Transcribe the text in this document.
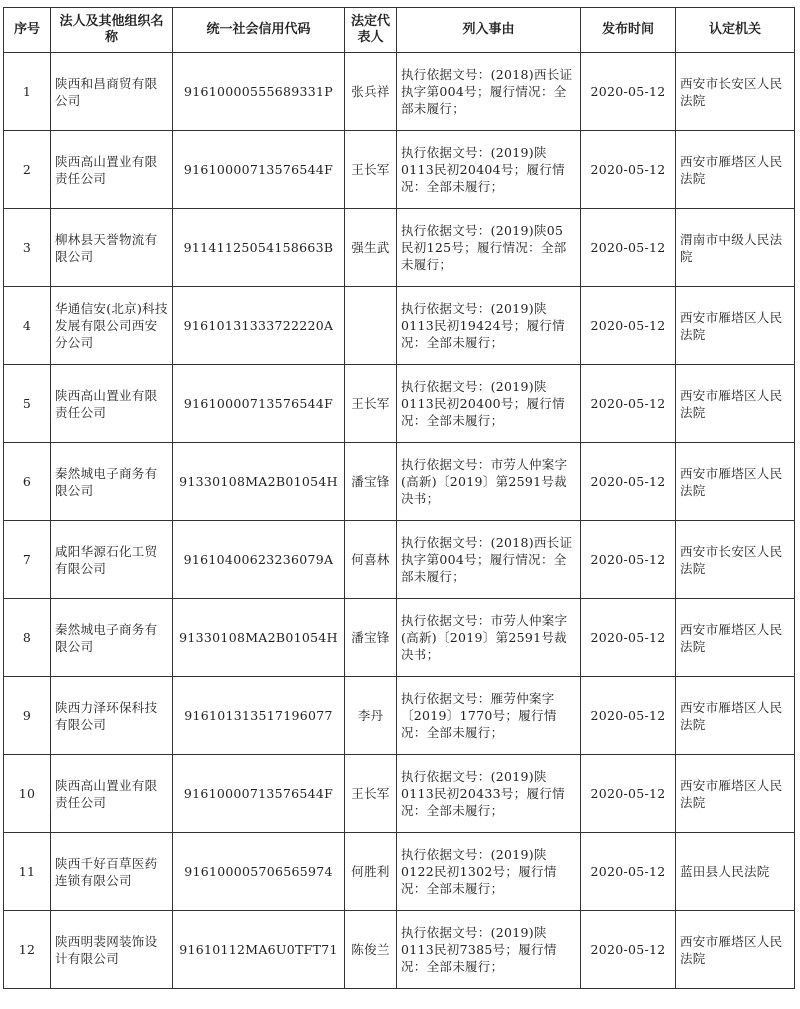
序号	法人及其他组织名称	统一社会信用代码	法定代表人	列入事由	发布时间	认定机关
1	陕西和昌商贸有限公司	91610000555689331P	张兵祥	执行依据文号：(2018)西长证执字第004号；履行情况：全部未履行；	2020-05-12	西安市长安区人民法院
2	陕西高山置业有限责任公司	91610000713576544F	王长军	执行依据文号：(2019)陕0113民初20404号；履行情况：全部未履行；	2020-05-12	西安市雁塔区人民法院
3	柳林县天誉物流有限公司	91141125054158663B	强生武	执行依据文号：(2019)陕05民初125号；履行情况：全部未履行；	2020-05-12	渭南市中级人民法院
4	华通信安(北京)科技发展有限公司西安分公司	91610131333722220A		执行依据文号：(2019)陕0113民初19424号；履行情况：全部未履行；	2020-05-12	西安市雁塔区人民法院
5	陕西高山置业有限责任公司	91610000713576544F	王长军	执行依据文号：(2019)陕0113民初20400号；履行情况：全部未履行；	2020-05-12	西安市雁塔区人民法院
6	秦然城电子商务有限公司	91330108MA2B01054H	潘宝锋	执行依据文号：市劳人仲案字(高新)〔2019〕第2591号裁决书；	2020-05-12	西安市雁塔区人民法院
7	咸阳华源石化工贸有限公司	91610400623236079A	何喜林	执行依据文号：(2018)西长证执字第004号；履行情况：全部未履行；	2020-05-12	西安市长安区人民法院
8	秦然城电子商务有限公司	91330108MA2B01054H	潘宝锋	执行依据文号：市劳人仲案字(高新)〔2019〕第2591号裁决书；	2020-05-12	西安市雁塔区人民法院
9	陕西力泽环保科技有限公司	916101313517196077	李丹	执行依据文号：雁劳仲案字〔2019〕1770号；履行情况：全部未履行；	2020-05-12	西安市雁塔区人民法院
10	陕西高山置业有限责任公司	91610000713576544F	王长军	执行依据文号：(2019)陕0113民初20433号；履行情况：全部未履行；	2020-05-12	西安市雁塔区人民法院
11	陕西千好百草医药连锁有限公司	916100005706565974	何胜利	执行依据文号：(2019)陕0122民初1302号；履行情况：全部未履行；	2020-05-12	蓝田县人民法院
12	陕西明裴网装饰设计有限公司	91610112MA6U0TFT71	陈俊兰	执行依据文号：(2019)陕0113民初7385号；履行情况：全部未履行；	2020-05-12	西安市雁塔区人民法院
